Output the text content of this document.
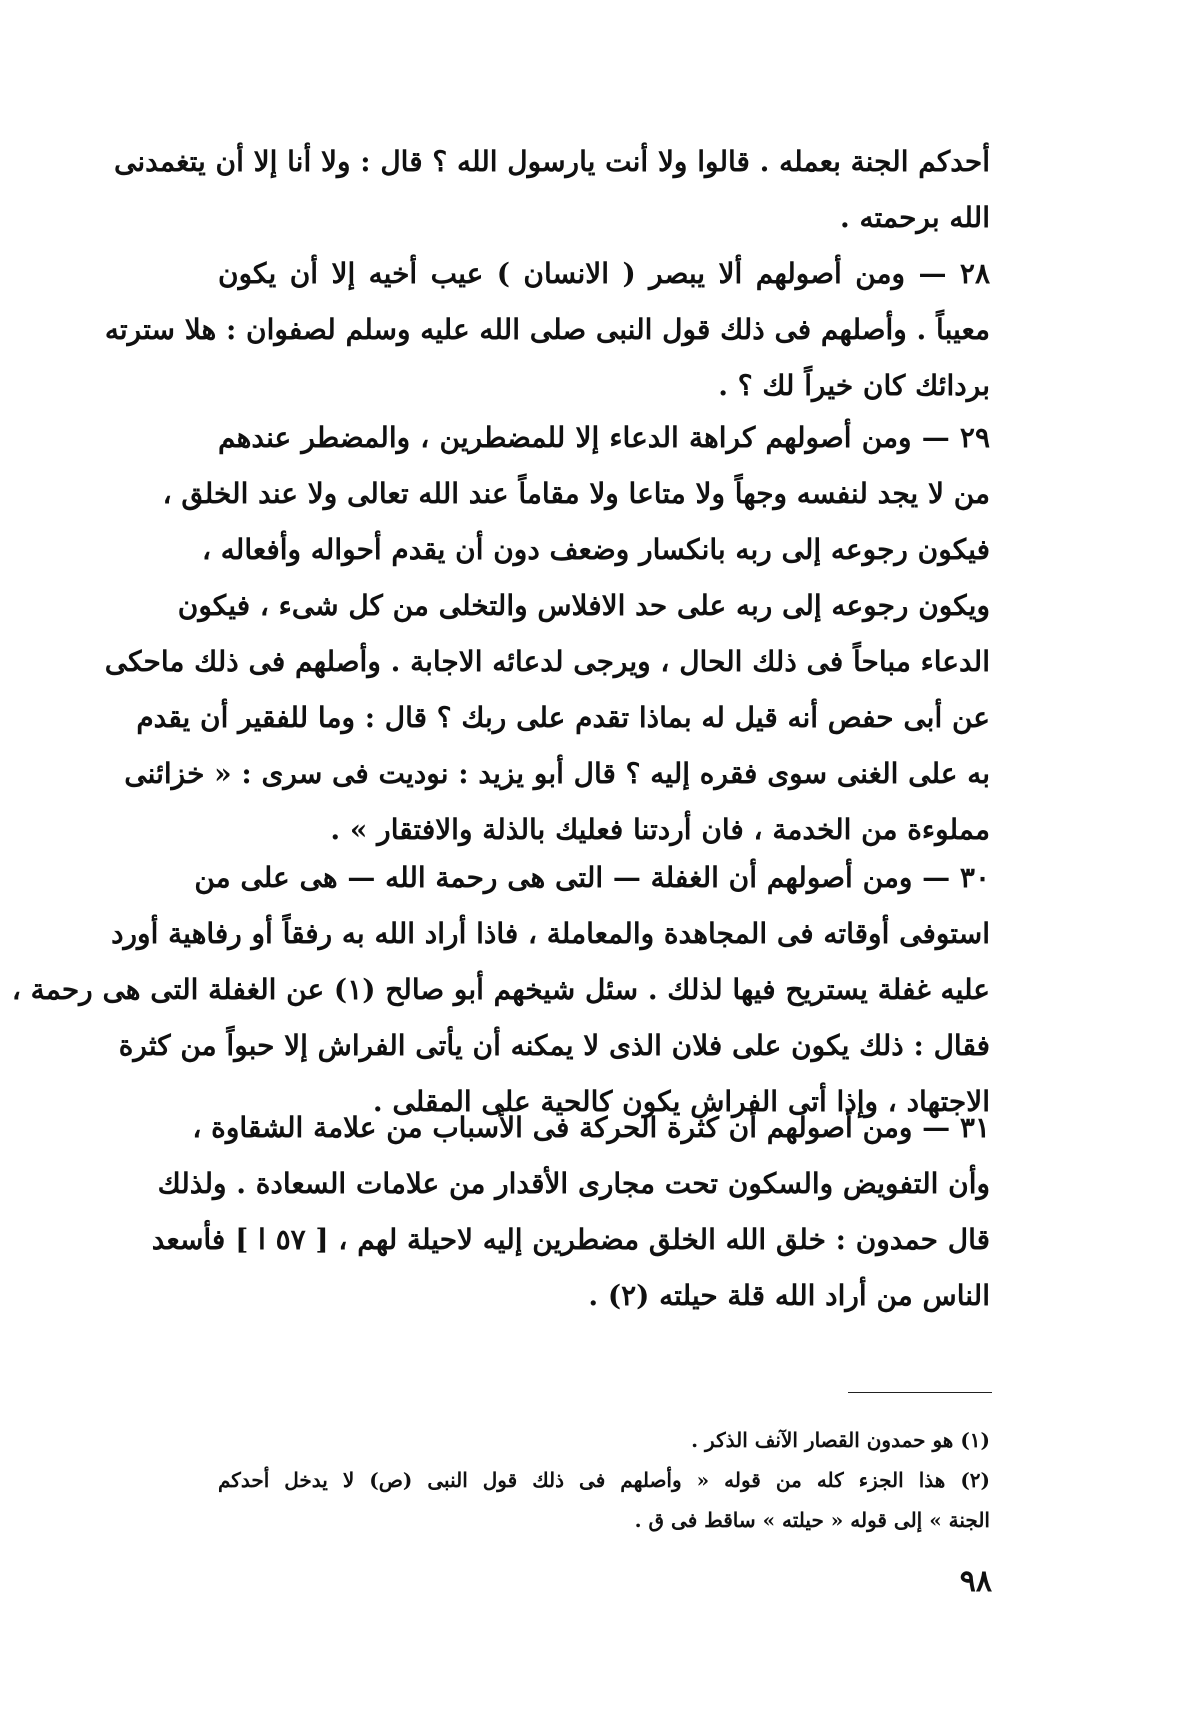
أحدكم الجنة بعمله . قالوا ولا أنت يارسول الله ؟ قال : ولا أنا إلا أن يتغمدنى
الله برحمته .
٢٨ — ومن أصولهم ألا يبصر ( الانسان ) عيب أخيه إلا أن يكون
معيباً . وأصلهم فى ذلك قول النبى صلى الله عليه وسلم لصفوان : هلا سترته
بردائك كان خيراً لك ؟ .
٢٩ — ومن أصولهم كراهة الدعاء إلا للمضطرين ، والمضطر عندهم
من لا يجد لنفسه وجهاً ولا متاعا ولا مقاماً عند الله تعالى ولا عند الخلق ،
فيكون رجوعه إلى ربه بانكسار وضعف دون أن يقدم أحواله وأفعاله ،
ويكون رجوعه إلى ربه على حد الافلاس والتخلى من كل شىء ، فيكون
الدعاء مباحاً فى ذلك الحال ، ويرجى لدعائه الاجابة . وأصلهم فى ذلك ماحكى
عن أبى حفص أنه قيل له بماذا تقدم على ربك ؟ قال : وما للفقير أن يقدم
به على الغنى سوى فقره إليه ؟ قال أبو يزيد : نوديت فى سرى : « خزائنى
مملوءة من الخدمة ، فان أردتنا فعليك بالذلة والافتقار » .
٣٠ — ومن أصولهم أن الغفلة — التى هى رحمة الله — هى على من
استوفى أوقاته فى المجاهدة والمعاملة ، فاذا أراد الله به رفقاً أو رفاهية أورد
عليه غفلة يستريح فيها لذلك . سئل شيخهم أبو صالح (١) عن الغفلة التى هى رحمة ،
فقال : ذلك يكون على فلان الذى لا يمكنه أن يأتى الفراش إلا حبواً من كثرة
الاجتهاد ، وإذا أتى الفراش يكون كالحية على المقلى .
٣١ — ومن أصولهم أن كثرة الحركة فى الأسباب من علامة الشقاوة ،
وأن التفويض والسكون تحت مجارى الأقدار من علامات السعادة . ولذلك
قال حمدون : خلق الله الخلق مضطرين إليه لاحيلة لهم ، [ ٥٧ ا ] فأسعد
الناس من أراد الله قلة حيلته (٢) .
(١) هو حمدون القصار الآنف الذكر .
(٢) هذا الجزء كله من قوله « وأصلهم فى ذلك قول النبى (ص) لا يدخل أحدكم
الجنة » إلى قوله « حيلته » ساقط فى ق .
٩٨
